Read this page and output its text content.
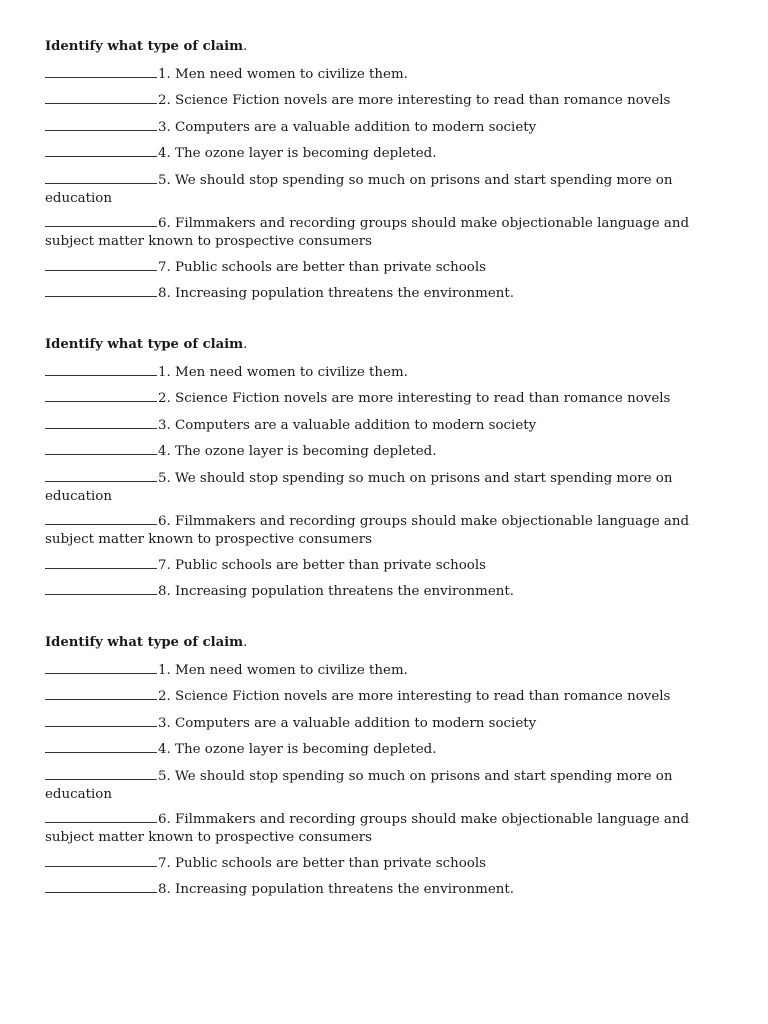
Identify what type of claim.
1. Men need women to civilize them.
2. Science Fiction novels are more interesting to read than romance novels
3. Computers are a valuable addition to modern society
4. The ozone layer is becoming depleted.
5. We should stop spending so much on prisons and start spending more on education
6. Filmmakers and recording groups should make objectionable language and subject matter known to prospective consumers
7. Public schools are better than private schools
8. Increasing population threatens the environment.
Identify what type of claim.
1. Men need women to civilize them.
2. Science Fiction novels are more interesting to read than romance novels
3. Computers are a valuable addition to modern society
4. The ozone layer is becoming depleted.
5. We should stop spending so much on prisons and start spending more on education
6. Filmmakers and recording groups should make objectionable language and subject matter known to prospective consumers
7. Public schools are better than private schools
8. Increasing population threatens the environment.
Identify what type of claim.
1. Men need women to civilize them.
2. Science Fiction novels are more interesting to read than romance novels
3. Computers are a valuable addition to modern society
4. The ozone layer is becoming depleted.
5. We should stop spending so much on prisons and start spending more on education
6. Filmmakers and recording groups should make objectionable language and subject matter known to prospective consumers
7. Public schools are better than private schools
8. Increasing population threatens the environment.
